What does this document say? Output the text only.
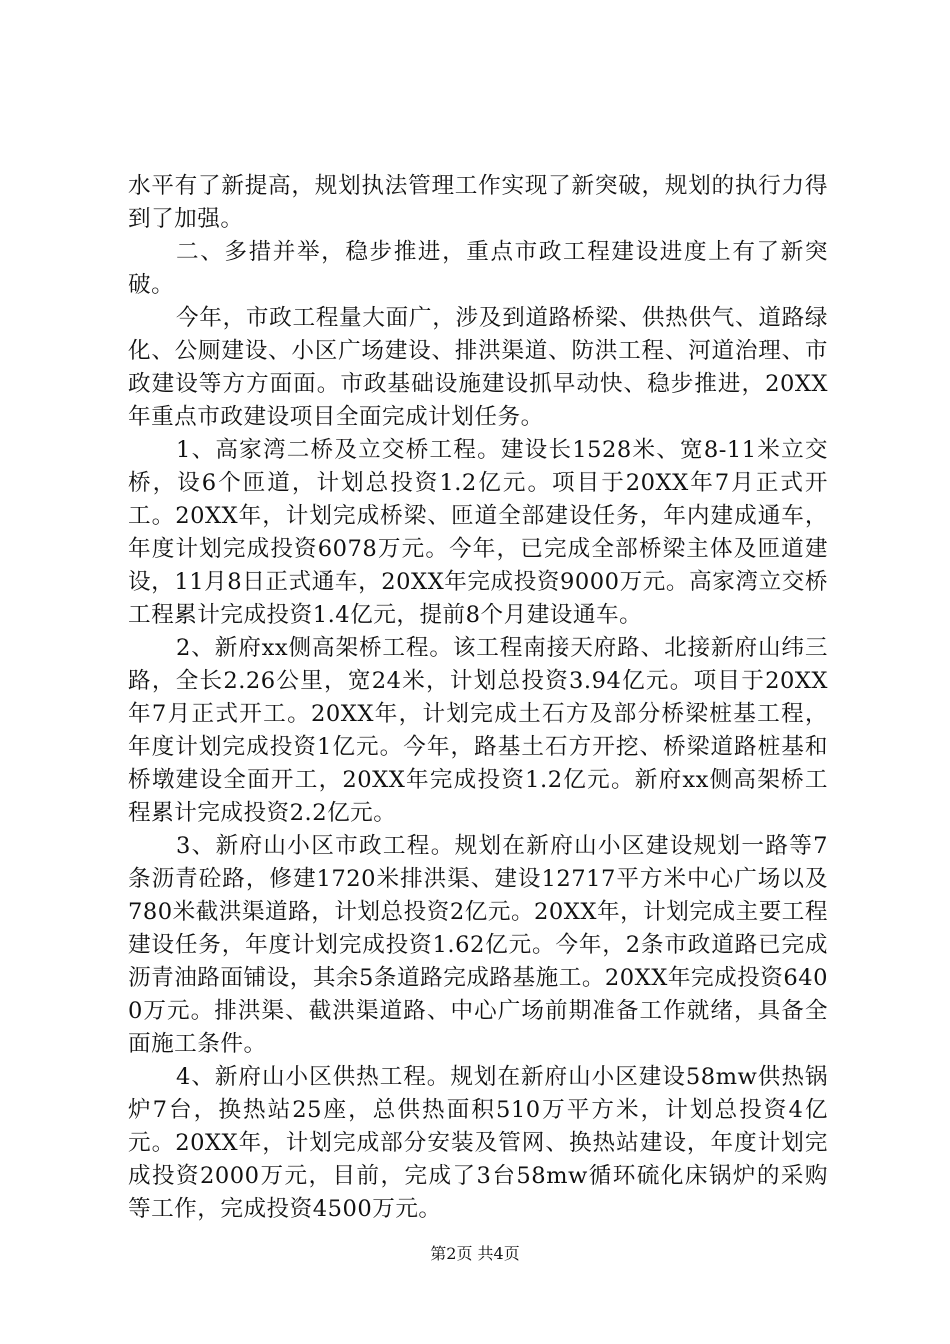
水平有了新提高，规划执法管理工作实现了新突破，规划的执行力得到了加强。

二、多措并举，稳步推进，重点市政工程建设进度上有了新突破。

今年，市政工程量大面广，涉及到道路桥梁、供热供气、道路绿化、公厕建设、小区广场建设、排洪渠道、防洪工程、河道治理、市政建设等方方面面。市政基础设施建设抓早动快、稳步推进，20XX年重点市政建设项目全面完成计划任务。

1、高家湾二桥及立交桥工程。建设长1528米、宽8-11米立交桥，设6个匝道，计划总投资1.2亿元。项目于20XX年7月正式开工。20XX年，计划完成桥梁、匝道全部建设任务，年内建成通车，年度计划完成投资6078万元。今年，已完成全部桥梁主体及匝道建设，11月8日正式通车，20XX年完成投资9000万元。高家湾立交桥工程累计完成投资1.4亿元，提前8个月建设通车。

2、新府xx侧高架桥工程。该工程南接天府路、北接新府山纬三路，全长2.26公里，宽24米，计划总投资3.94亿元。项目于20XX年7月正式开工。20XX年，计划完成土石方及部分桥梁桩基工程，年度计划完成投资1亿元。今年，路基土石方开挖、桥梁道路桩基和桥墩建设全面开工，20XX年完成投资1.2亿元。新府xx侧高架桥工程累计完成投资2.2亿元。

3、新府山小区市政工程。规划在新府山小区建设规划一路等7条沥青砼路，修建1720米排洪渠、建设12717平方米中心广场以及780米截洪渠道路，计划总投资2亿元。20XX年，计划完成主要工程建设任务，年度计划完成投资1.62亿元。今年，2条市政道路已完成沥青油路面铺设，其余5条道路完成路基施工。20XX年完成投资6400万元。排洪渠、截洪渠道路、中心广场前期准备工作就绪，具备全面施工条件。

4、新府山小区供热工程。规划在新府山小区建设58mw供热锅炉7台，换热站25座，总供热面积510万平方米，计划总投资4亿元。20XX年，计划完成部分安装及管网、换热站建设，年度计划完成投资2000万元，目前，完成了3台58mw循环硫化床锅炉的采购等工作，完成投资4500万元。

第2页 共4页
